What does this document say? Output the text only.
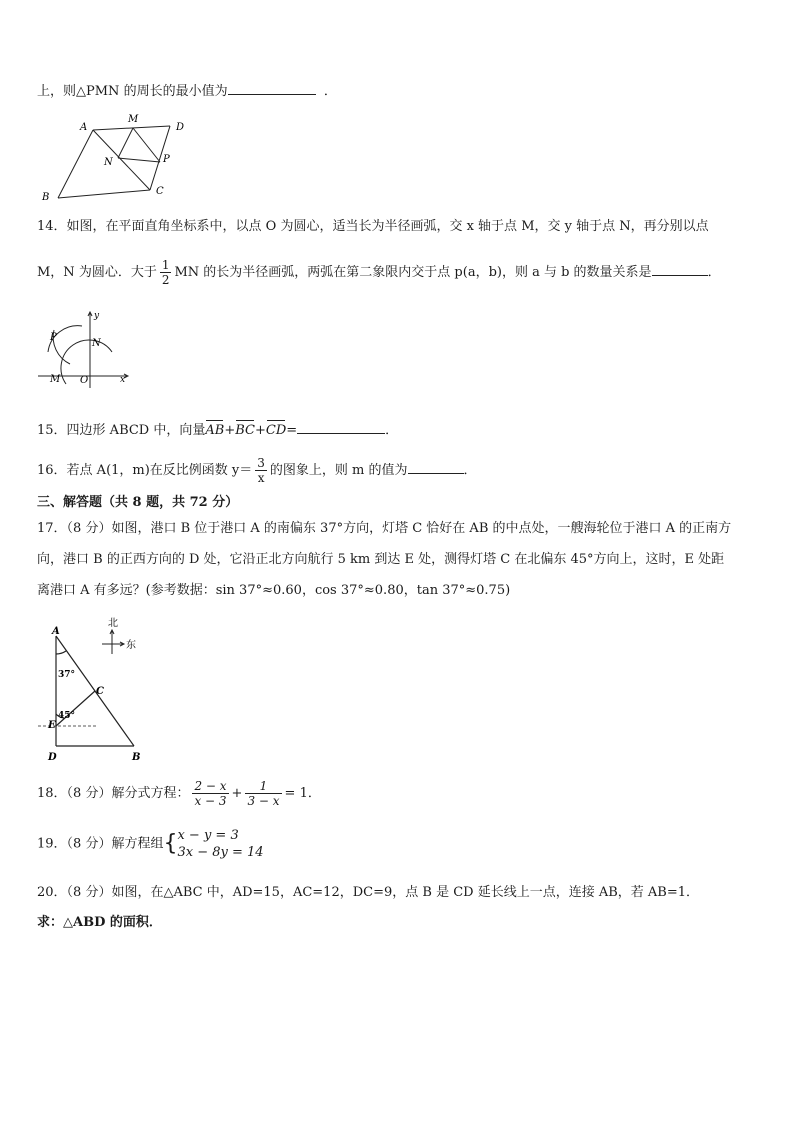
上，则△PMN 的周长的最小值为	．
A
M
D
N	P
B
C
14．如图，在平面直角坐标系中，以点 O 为圆心，适当长为半径画弧，交 x 轴于点 M，交 y 轴于点 N，再分别以点
M，N 为圆心．大于 $\frac{1}{2}$ MN 的长为半径画弧，两弧在第二象限内交于点 p(a，b)，则 a 与 b 的数量关系是	．
y
P
N
M O	x
15．四边形 ABCD 中，向量AB+BC+CD=	．
16．若点 A(1，m)在反比例函数 $y= \frac{3}{x}$ 的图象上，则 m 的值为	．
三、解答题（共 8 题，共 72 分）
17．（8 分）如图，港口 B 位于港口 A 的南偏东 37°方向，灯塔 C 恰好在 AB 的中点处，一艘海轮位于港口 A 的正南方
向，港口 B 的正西方向的 D 处，它沿正北方向航行 5 km 到达 E 处，测得灯塔 C 在北偏东 45°方向上，这时，E 处距
离港口 A 有多远？(参考数据：sin 37°≈0.60，cos 37°≈0.80，tan 37°≈0.75)
北
东
A
37°
C
45°
E
D	B
18．（8 分）解分式方程： $\frac{2 - x}{x - 3} + \frac{1}{3 - x} = 1$．
19．（8 分）解方程组{ x − y = 3
3x − 8y = 14
20．（8 分）如图，在△ABC 中，AD=15，AC=12，DC=9，点 B 是 CD 延长线上一点，连接 AB，若 AB=1．
求：△ABD 的面积．
